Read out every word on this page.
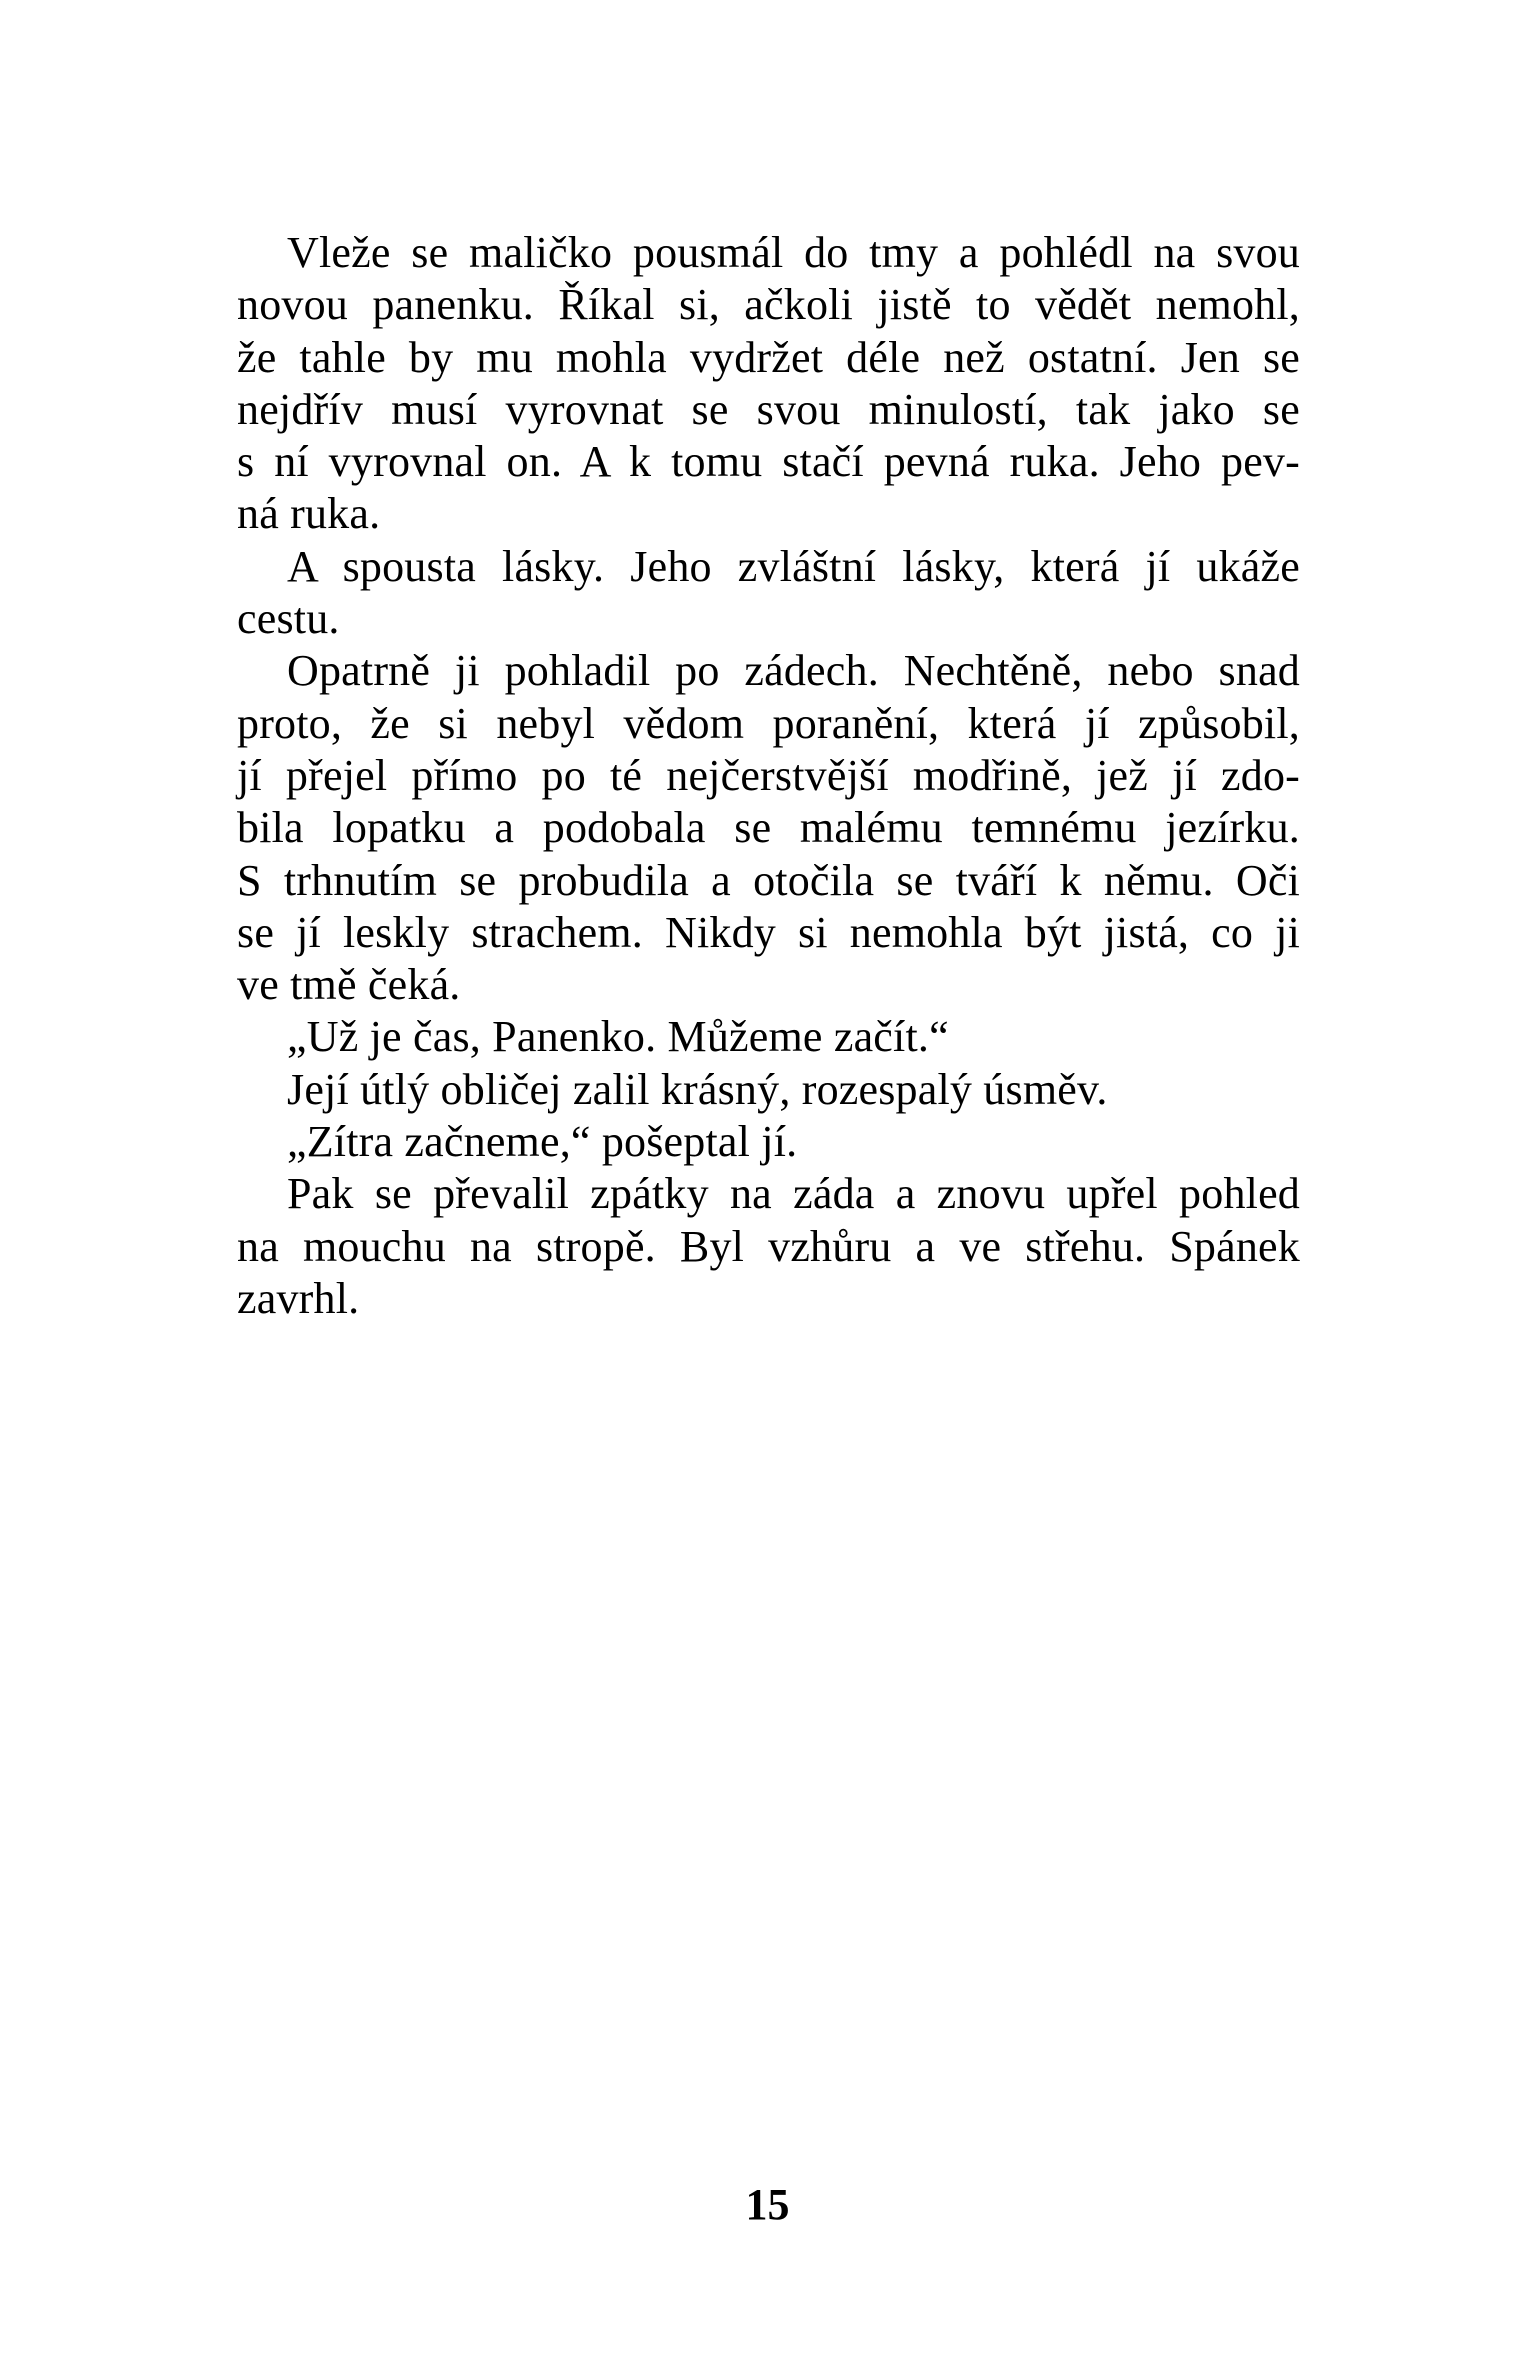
Vleže se maličko pousmál do tmy a pohlédl na svou
novou panenku. Říkal si, ačkoli jistě to vědět nemohl,
že tahle by mu mohla vydržet déle než ostatní. Jen se
nejdřív musí vyrovnat se svou minulostí, tak jako se
s ní vyrovnal on. A k tomu stačí pevná ruka. Jeho pev-
ná ruka.
A spousta lásky. Jeho zvláštní lásky, která jí ukáže
cestu.
Opatrně ji pohladil po zádech. Nechtěně, nebo snad
proto, že si nebyl vědom poranění, která jí způsobil,
jí přejel přímo po té nejčerstvější modřině, jež jí zdo-
bila lopatku a podobala se malému temnému jezírku.
S trhnutím se probudila a otočila se tváří k němu. Oči
se jí leskly strachem. Nikdy si nemohla být jistá, co ji
ve tmě čeká.
„Už je čas, Panenko. Můžeme začít.“
Její útlý obličej zalil krásný, rozespalý úsměv.
„Zítra začneme,“ pošeptal jí.
Pak se převalil zpátky na záda a znovu upřel pohled
na mouchu na stropě. Byl vzhůru a ve střehu. Spánek
zavrhl.
15
